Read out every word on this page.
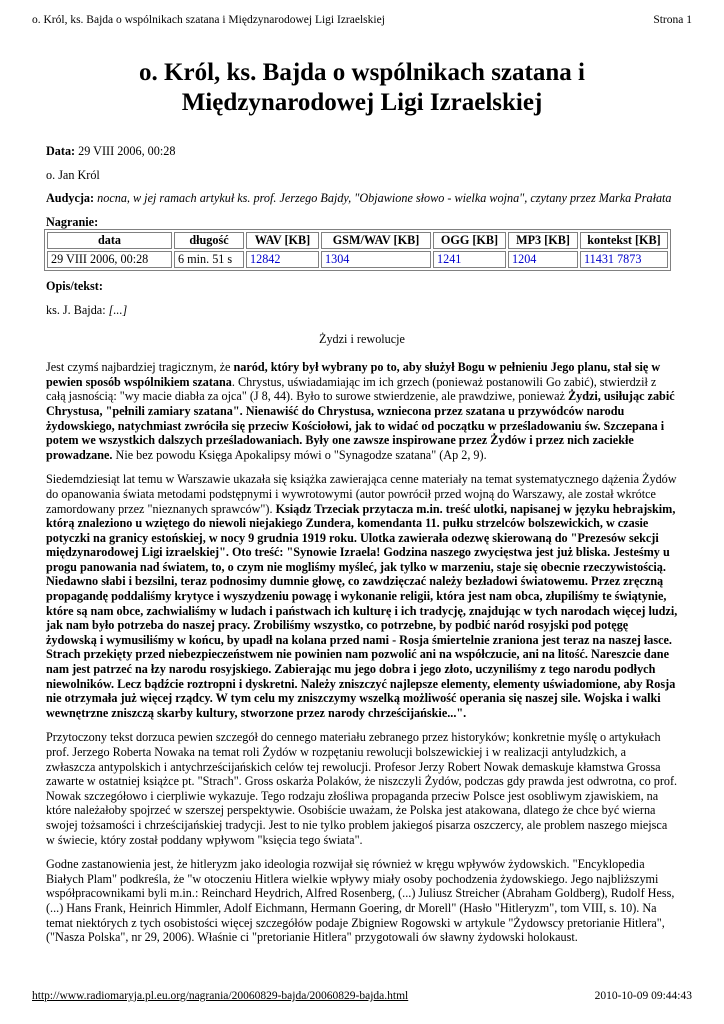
o. Król, ks. Bajda o wspólnikach szatana i Międzynarodowej Ligi Izraelskiej	Strona 1
o. Król, ks. Bajda o wspólnikach szatana i Międzynarodowej Ligi Izraelskiej

Data: 29 VIII 2006, 00:28

o. Jan Król

Audycja: nocna, w jej ramach artykuł ks. prof. Jerzego Bajdy, "Objawione słowo - wielka wojna", czytany przez Marka Prałata

Nagranie:
data	długość	WAV [KB]	GSM/WAV [KB]	OGG [KB]	MP3 [KB]	kontekst [KB]
29 VIII 2006, 00:28	6 min. 51 s	12842	1304	1241	1204	11431 7873

Opis/tekst:

ks. J. Bajda: [...]

Żydzi i rewolucje

Jest czymś najbardziej tragicznym, że naród, który był wybrany po to, aby służył Bogu w pełnieniu Jego planu, stał się w pewien sposób wspólnikiem szatana. Chrystus, uświadamiając im ich grzech (ponieważ postanowili Go zabić), stwierdził z całą jasnością: "wy macie diabła za ojca" (J 8, 44). Było to surowe stwierdzenie, ale prawdziwe, ponieważ Żydzi, usiłując zabić Chrystusa, "pełnili zamiary szatana". Nienawiść do Chrystusa, wzniecona przez szatana u przywódców narodu żydowskiego, natychmiast zwróciła się przeciw Kościołowi, jak to widać od początku w prześladowaniu św. Szczepana i potem we wszystkich dalszych prześladowaniach. Były one zawsze inspirowane przez Żydów i przez nich zaciekłe prowadzane. Nie bez powodu Księga Apokalipsy mówi o "Synagodze szatana" (Ap 2, 9).

Siedemdziesiąt lat temu w Warszawie ukazała się książka zawierająca cenne materiały na temat systematycznego dążenia Żydów do opanowania świata metodami podstępnymi i wywrotowymi (autor powrócił przed wojną do Warszawy, ale został wkrótce zamordowany przez "nieznanych sprawców"). Ksiądz Trzeciak przytacza m.in. treść ulotki, napisanej w języku hebrajskim, którą znaleziono u wziętego do niewoli niejakiego Zundera, komendanta 11. pułku strzelców bolszewickich, w czasie potyczki na granicy estońskiej, w nocy 9 grudnia 1919 roku. Ulotka zawierała odezwę skierowaną do "Prezesów sekcji międzynarodowej Ligi izraelskiej". Oto treść: "Synowie Izraela! Godzina naszego zwycięstwa jest już bliska. Jesteśmy u progu panowania nad światem, to, o czym nie mogliśmy myśleć, jak tylko w marzeniu, staje się obecnie rzeczywistością. Niedawno słabi i bezsilni, teraz podnosimy dumnie głowę, co zawdzięczać należy bezładowi światowemu. Przez zręczną propagandę poddaliśmy krytyce i wyszydzeniu powagę i wykonanie religii, która jest nam obca, złupiliśmy te świątynie, które są nam obce, zachwialiśmy w ludach i państwach ich kulturę i ich tradycję, znajdując w tych narodach więcej ludzi, jak nam było potrzeba do naszej pracy. Zrobiliśmy wszystko, co potrzebne, by podbić naród rosyjski pod potęgę żydowską i wymusiliśmy w końcu, by upadł na kolana przed nami - Rosja śmiertelnie zraniona jest teraz na naszej łasce. Strach przekięty przed niebezpieczeństwem nie powinien nam pozwolić ani na współczucie, ani na litość. Nareszcie dane nam jest patrzeć na łzy narodu rosyjskiego. Zabierając mu jego dobra i jego złoto, uczyniliśmy z tego narodu podłych niewolników. Lecz bądźcie roztropni i dyskretni. Należy zniszczyć najlepsze elementy, elementy uświadomione, aby Rosja nie otrzymała już więcej rządcy. W tym celu my zniszczymy wszelką możliwość operania się naszej sile. Wojska i walki wewnętrzne zniszczą skarby kultury, stworzone przez narody chrześcijańskie...".

Przytoczony tekst dorzuca pewien szczegół do cennego materiału zebranego przez historyków; konkretnie myślę o artykułach prof. Jerzego Roberta Nowaka na temat roli Żydów w rozpętaniu rewolucji bolszewickiej i w realizacji antyludzkich, a zwłaszcza antypolskich i antychrześcijańskich celów tej rewolucji. Profesor Jerzy Robert Nowak demaskuje kłamstwa Grossa zawarte w ostatniej książce pt. "Strach". Gross oskarża Polaków, że niszczyli Żydów, podczas gdy prawda jest odwrotna, co prof. Nowak szczegółowo i cierpliwie wykazuje. Tego rodzaju złośliwa propaganda przeciw Polsce jest osobliwym zjawiskiem, na które należałoby spojrzeć w szerszej perspektywie. Osobiście uważam, że Polska jest atakowana, dlatego że chce być wierna swojej tożsamości i chrześcijańskiej tradycji. Jest to nie tylko problem jakiegoś pisarza oszczercy, ale problem naszego miejsca w świecie, który został poddany wpływom "księcia tego świata".

Godne zastanowienia jest, że hitleryzm jako ideologia rozwijał się również w kręgu wpływów żydowskich. "Encyklopedia Białych Plam" podkreśla, że "w otoczeniu Hitlera wielkie wpływy miały osoby pochodzenia żydowskiego. Jego najbliższymi współpracownikami byli m.in.: Reinchard Heydrich, Alfred Rosenberg, (...) Juliusz Streicher (Abraham Goldberg), Rudolf Hess, (...) Hans Frank, Heinrich Himmler, Adolf Eichmann, Hermann Goering, dr Morell" (Hasło "Hitleryzm", tom VIII, s. 10). Na temat niektórych z tych osobistości więcej szczegółów podaje Zbigniew Rogowski w artykule "Żydowscy pretorianie Hitlera", ("Nasza Polska", nr 29, 2006). Właśnie ci "pretorianie Hitlera" przygotowali ów sławny żydowski holokaust.

http://www.radiomaryja.pl.eu.org/nagrania/20060829-bajda/20060829-bajda.html	2010-10-09 09:44:43
